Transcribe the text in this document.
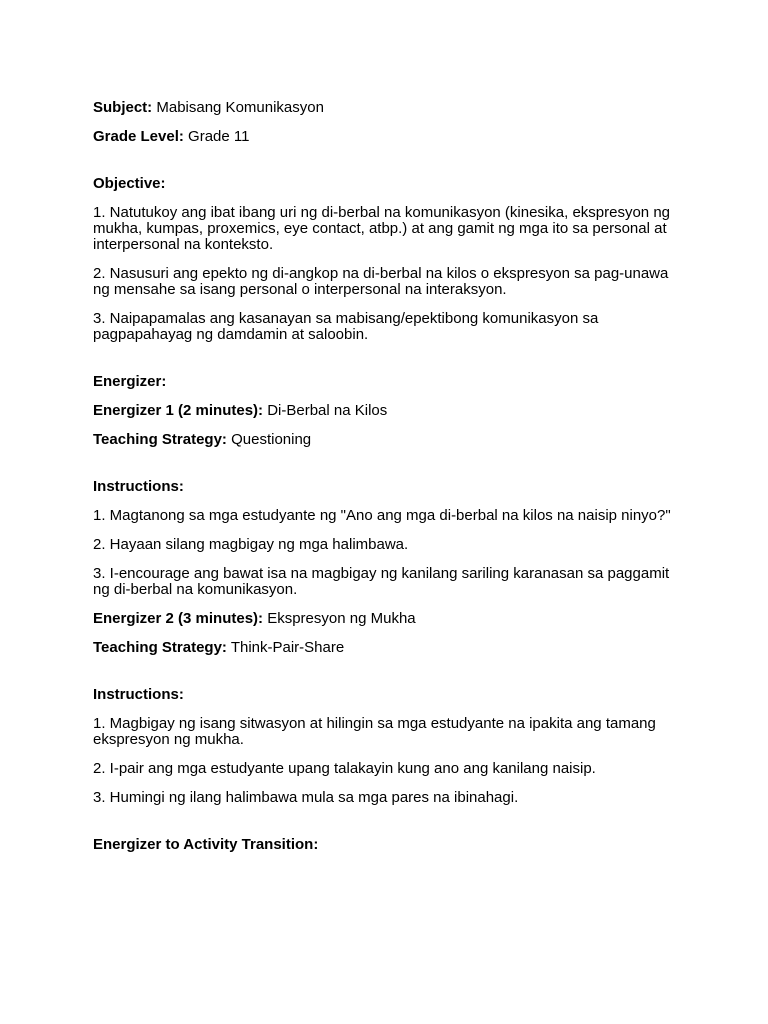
Subject: Mabisang Komunikasyon

Grade Level: Grade 11

Objective:

1. Natutukoy ang ibat ibang uri ng di-berbal na komunikasyon (kinesika, ekspresyon ng mukha, kumpas, proxemics, eye contact, atbp.) at ang gamit ng mga ito sa personal at interpersonal na konteksto.

2. Nasusuri ang epekto ng di-angkop na di-berbal na kilos o ekspresyon sa pag-unawa ng mensahe sa isang personal o interpersonal na interaksyon.

3. Naipapamalas ang kasanayan sa mabisang/epektibong komunikasyon sa pagpapahayag ng damdamin at saloobin.

Energizer:

Energizer 1 (2 minutes): Di-Berbal na Kilos

Teaching Strategy: Questioning

Instructions:

1. Magtanong sa mga estudyante ng "Ano ang mga di-berbal na kilos na naisip ninyo?"

2. Hayaan silang magbigay ng mga halimbawa.

3. I-encourage ang bawat isa na magbigay ng kanilang sariling karanasan sa paggamit ng di-berbal na komunikasyon.

Energizer 2 (3 minutes): Ekspresyon ng Mukha

Teaching Strategy: Think-Pair-Share

Instructions:

1. Magbigay ng isang sitwasyon at hilingin sa mga estudyante na ipakita ang tamang ekspresyon ng mukha.

2. I-pair ang mga estudyante upang talakayin kung ano ang kanilang naisip.

3. Humingi ng ilang halimbawa mula sa mga pares na ibinahagi.

Energizer to Activity Transition:
